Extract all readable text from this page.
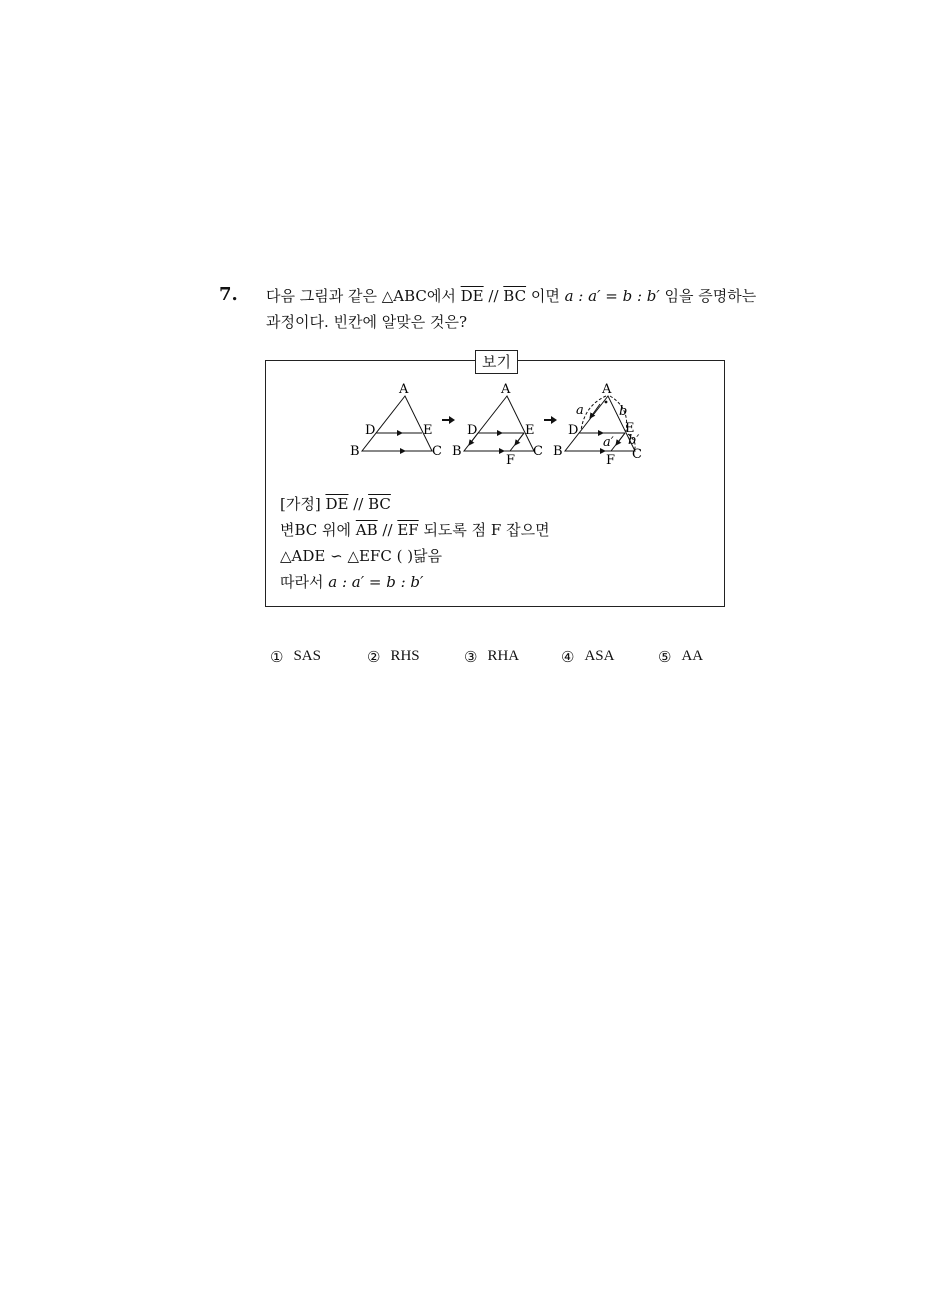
7. 다음 그림과 같은 △ABC에서 $\overline{DE} // \overline{BC}$ 이면 a : a′ = b : b′ 임을 증명하는
과정이다. 빈칸에 알맞은 것은?
보기
A
D	E
B	C
A
D	E
B	C
F
A
D	E
B	C
F
a	b
a′ b′
[가정] $\overline{DE} // \overline{BC}$
변BC 위에 $\overline{AB} // \overline{EF}$ 되도록 점 F 잡으면
△ADE ∽ △EFC ( )닮음
따라서 a : a′ = b : b′
① SAS	② RHS	③ RHA	④ ASA	⑤ AA
